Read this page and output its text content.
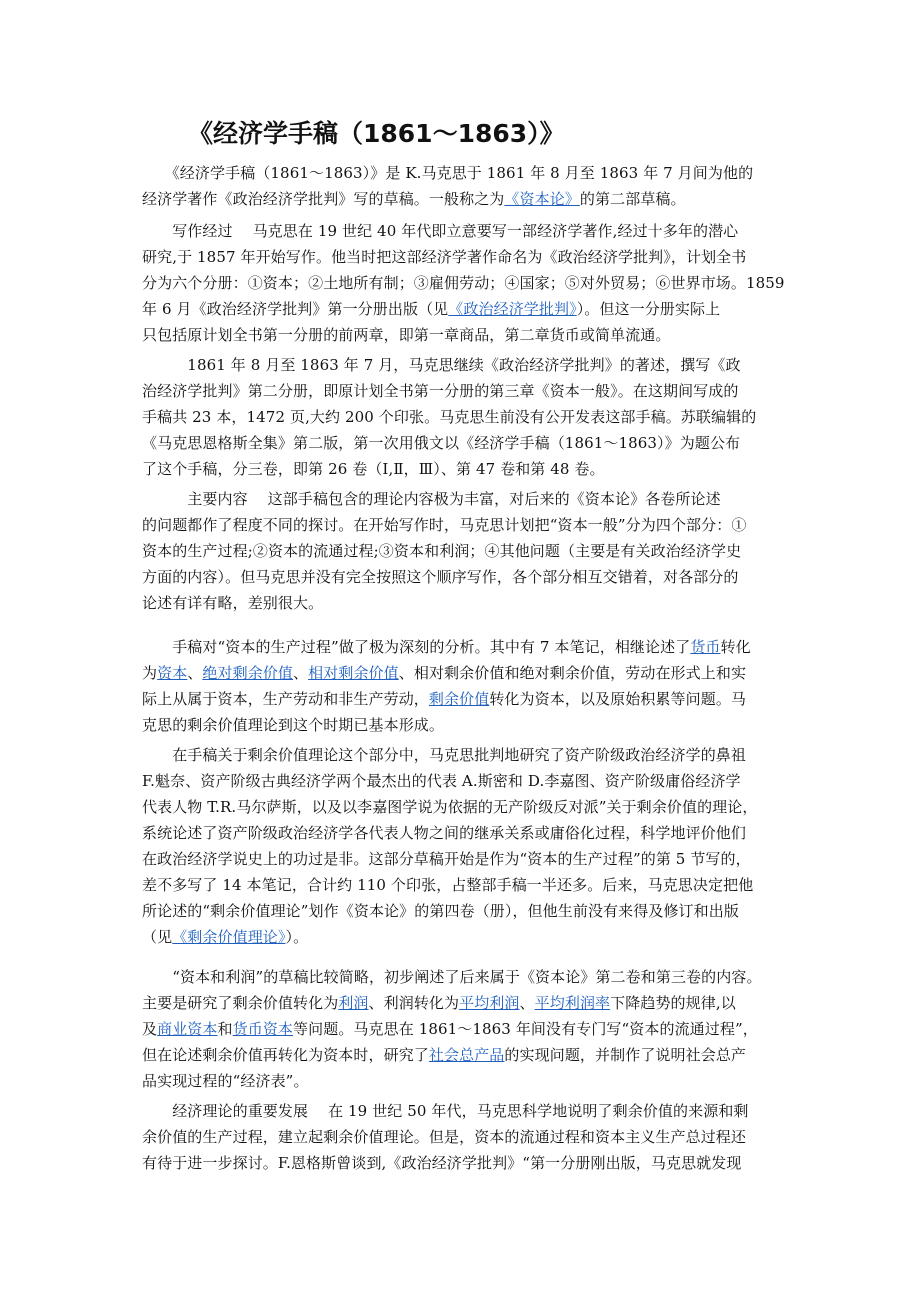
《经济学手稿（1861～1863）》
　　《经济学手稿（1861～1863）》是 K.马克思于 1861 年 8 月至 1863 年 7 月间为他的
经济学著作《政治经济学批判》写的草稿。一般称之为《资本论》的第二部草稿。
　　写作经过　 马克思在 19 世纪 40 年代即立意要写一部经济学著作,经过十多年的潜心
研究,于 1857 年开始写作。他当时把这部经济学著作命名为《政治经济学批判》，计划全书
分为六个分册：①资本；②土地所有制；③雇佣劳动；④国家；⑤对外贸易；⑥世界市场。1859
年 6 月《政治经济学批判》第一分册出版（见《政治经济学批判》）。但这一分册实际上
只包括原计划全书第一分册的前两章，即第一章商品，第二章货币或简单流通。
　　　1861 年 8 月至 1863 年 7 月，马克思继续《政治经济学批判》的著述，撰写《政
治经济学批判》第二分册，即原计划全书第一分册的第三章《资本一般》。在这期间写成的
手稿共 23 本，1472 页,大约 200 个印张。马克思生前没有公开发表这部手稿。苏联编辑的
《马克思恩格斯全集》第二版，第一次用俄文以《经济学手稿（1861～1863）》为题公布
了这个手稿，分三卷，即第 26 卷（Ⅰ,Ⅱ，Ⅲ）、第 47 卷和第 48 卷。
　　　主要内容　 这部手稿包含的理论内容极为丰富，对后来的《资本论》各卷所论述
的问题都作了程度不同的探讨。在开始写作时，马克思计划把“资本一般”分为四个部分：①
资本的生产过程;②资本的流通过程;③资本和利润；④其他问题（主要是有关政治经济学史
方面的内容）。但马克思并没有完全按照这个顺序写作，各个部分相互交错着，对各部分的
论述有详有略，差别很大。
　　手稿对“资本的生产过程”做了极为深刻的分析。其中有 7 本笔记，相继论述了货币转化
为资本、绝对剩余价值、相对剩余价值、相对剩余价值和绝对剩余价值，劳动在形式上和实
际上从属于资本，生产劳动和非生产劳动，剩余价值转化为资本，以及原始积累等问题。马
克思的剩余价值理论到这个时期已基本形成。
　　在手稿关于剩余价值理论这个部分中，马克思批判地研究了资产阶级政治经济学的鼻祖
F.魁奈、资产阶级古典经济学两个最杰出的代表 A.斯密和 D.李嘉图、资产阶级庸俗经济学
代表人物 T.R.马尔萨斯，以及以李嘉图学说为依据的无产阶级反对派”关于剩余价值的理论，
系统论述了资产阶级政治经济学各代表人物之间的继承关系或庸俗化过程，科学地评价他们
在政治经济学说史上的功过是非。这部分草稿开始是作为“资本的生产过程”的第 5 节写的，
差不多写了 14 本笔记，合计约 110 个印张，占整部手稿一半还多。后来，马克思决定把他
所论述的“剩余价值理论”划作《资本论》的第四卷（册），但他生前没有来得及修订和出版
（见《剩余价值理论》）。
　　“资本和利润”的草稿比较简略，初步阐述了后来属于《资本论》第二卷和第三卷的内容。
主要是研究了剩余价值转化为利润、利润转化为平均利润、平均利润率下降趋势的规律,以
及商业资本和货币资本等问题。马克思在 1861～1863 年间没有专门写“资本的流通过程”，
但在论述剩余价值再转化为资本时，研究了社会总产品的实现问题，并制作了说明社会总产
品实现过程的“经济表”。
　　经济理论的重要发展　 在 19 世纪 50 年代，马克思科学地说明了剩余价值的来源和剩
余价值的生产过程，建立起剩余价值理论。但是，资本的流通过程和资本主义生产总过程还
有待于进一步探讨。F.恩格斯曾谈到,《政治经济学批判》“第一分册刚出版，马克思就发现
